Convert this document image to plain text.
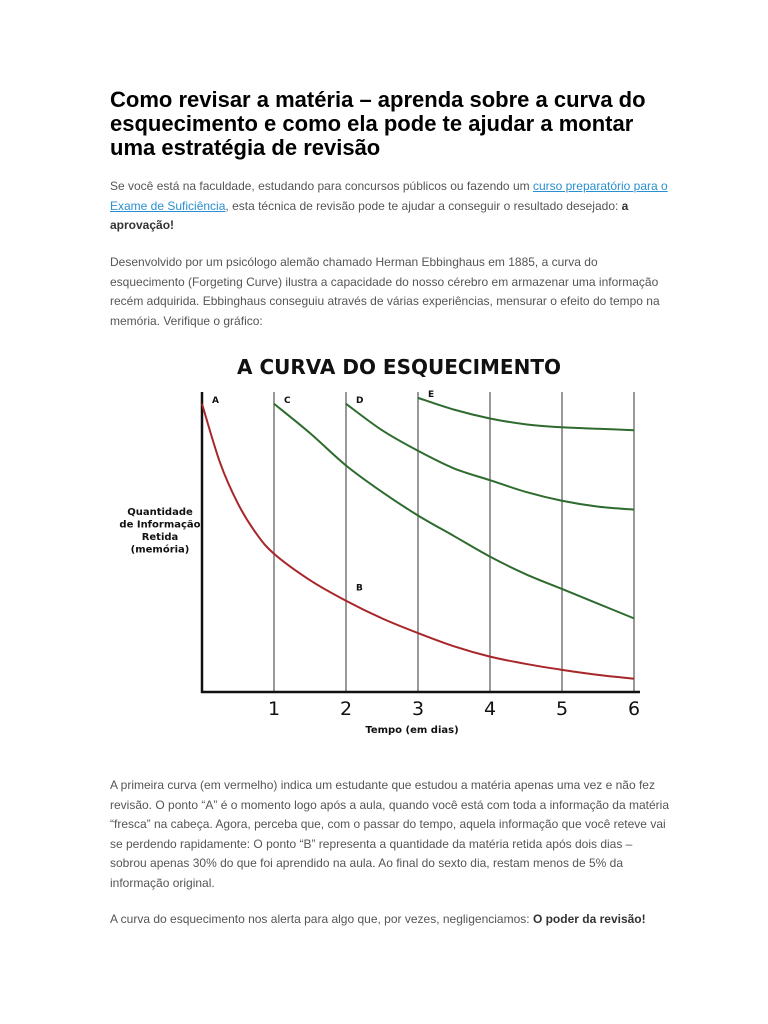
Como revisar a matéria – aprenda sobre a curva do esquecimento e como ela pode te ajudar a montar uma estratégia de revisão

Se você está na faculdade, estudando para concursos públicos ou fazendo um curso preparatório para o Exame de Suficiência, esta técnica de revisão pode te ajudar a conseguir o resultado desejado: a aprovação!

Desenvolvido por um psicólogo alemão chamado Herman Ebbinghaus em 1885, a curva do esquecimento (Forgeting Curve) ilustra a capacidade do nosso cérebro em armazenar uma informação recém adquirida. Ebbinghaus conseguiu através de várias experiências, mensurar o efeito do tempo na memória. Verifique o gráfico:

A primeira curva (em vermelho) indica um estudante que estudou a matéria apenas uma vez e não fez revisão. O ponto “A” é o momento logo após a aula, quando você está com toda a informação da matéria “fresca” na cabeça. Agora, perceba que, com o passar do tempo, aquela informação que você reteve vai se perdendo rapidamente: O ponto “B” representa a quantidade da matéria retida após dois dias – sobrou apenas 30% do que foi aprendido na aula. Ao final do sexto dia, restam menos de 5% da informação original.

A curva do esquecimento nos alerta para algo que, por vezes, negligenciamos: O poder da revisão!

A CURVA DO ESQUECIMENTO
Tempo (em dias)
Quantidade
de Informação
Retida
(memória)
A	C	D
E
B
1	2	3	4	5	6
